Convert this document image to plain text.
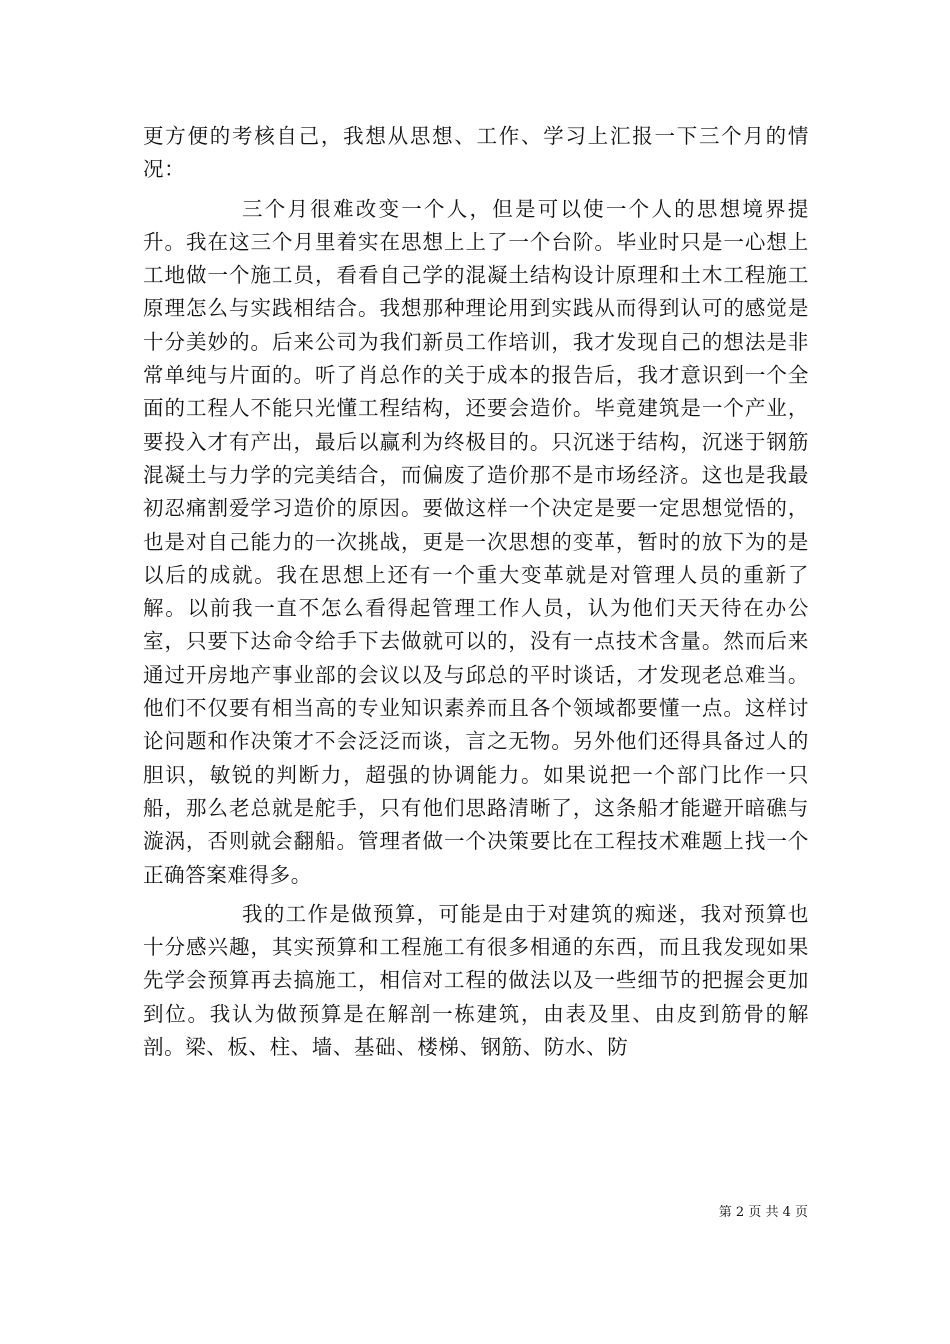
更方便的考核自己，我想从思想、工作、学习上汇报一下三个月的情况：

三个月很难改变一个人，但是可以使一个人的思想境界提升。我在这三个月里着实在思想上上了一个台阶。毕业时只是一心想上工地做一个施工员，看看自己学的混凝土结构设计原理和土木工程施工原理怎么与实践相结合。我想那种理论用到实践从而得到认可的感觉是十分美妙的。后来公司为我们新员工作培训，我才发现自己的想法是非常单纯与片面的。听了肖总作的关于成本的报告后，我才意识到一个全面的工程人不能只光懂工程结构，还要会造价。毕竟建筑是一个产业，要投入才有产出，最后以赢利为终极目的。只沉迷于结构，沉迷于钢筋混凝土与力学的完美结合，而偏废了造价那不是市场经济。这也是我最初忍痛割爱学习造价的原因。要做这样一个决定是要一定思想觉悟的，也是对自己能力的一次挑战，更是一次思想的变革，暂时的放下为的是以后的成就。我在思想上还有一个重大变革就是对管理人员的重新了解。以前我一直不怎么看得起管理工作人员，认为他们天天待在办公室，只要下达命令给手下去做就可以的，没有一点技术含量。然而后来通过开房地产事业部的会议以及与邱总的平时谈话，才发现老总难当。他们不仅要有相当高的专业知识素养而且各个领域都要懂一点。这样讨论问题和作决策才不会泛泛而谈，言之无物。另外他们还得具备过人的胆识，敏锐的判断力，超强的协调能力。如果说把一个部门比作一只船，那么老总就是舵手，只有他们思路清晰了，这条船才能避开暗礁与漩涡，否则就会翻船。管理者做一个决策要比在工程技术难题上找一个正确答案难得多。

我的工作是做预算，可能是由于对建筑的痴迷，我对预算也十分感兴趣，其实预算和工程施工有很多相通的东西，而且我发现如果先学会预算再去搞施工，相信对工程的做法以及一些细节的把握会更加到位。我认为做预算是在解剖一栋建筑，由表及里、由皮到筋骨的解剖。梁、板、柱、墙、基础、楼梯、钢筋、防水、防

第 2 页 共 4 页
